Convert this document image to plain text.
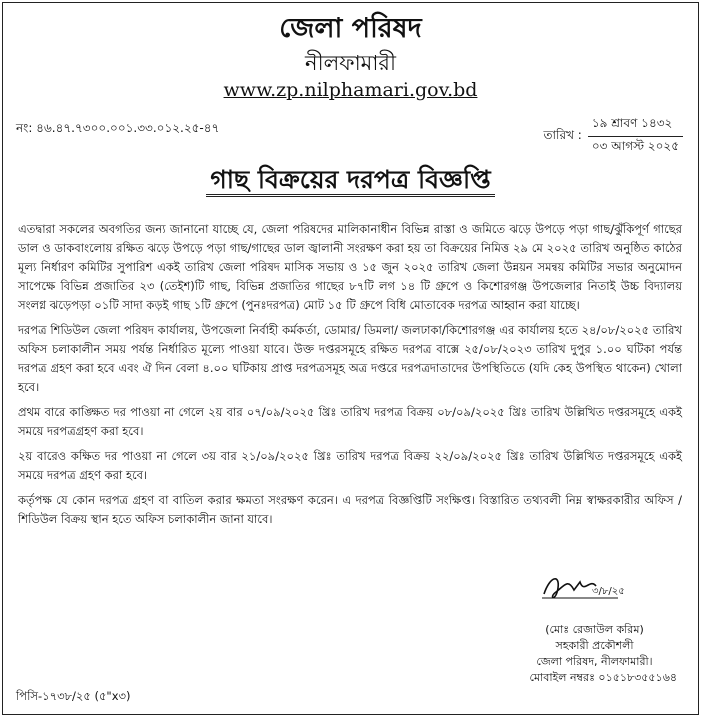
জেলা পরিষদ
নীলফামারী
www.zp.nilphamari.gov.bd
নং: ৪৬.৪৭.৭৩০০.০০১.৩৩.০১২.২৫-৪৭	তারিখ :
১৯ শ্রাবণ ১৪৩২
০৩ আগস্ট ২০২৫
গাছ বিক্রয়ের দরপত্র বিজ্ঞপ্তি

এতদ্বারা সকলের অবগতির জন্য জানানো যাচ্ছে যে, জেলা পরিষদের মালিকানাধীন বিভিন্ন রাস্তা ও জমিতে ঝড়ে উপড়ে পড়া গাছ/ঝুঁকিপূর্ণ গাছের ডাল ও ডাকবাংলোয় রক্ষিত ঝড়ে উপড়ে পড়া গাছ/গাছের ডাল জ্বালানী সংরক্ষণ করা হয় তা বিক্রয়ের নিমিত্ত ২৯ মে ২০২৫ তারিখ অনুষ্ঠিত কাঠের মূল্য নির্ধারণ কমিটির সুপারিশ একই তারিখ জেলা পরিষদ মাসিক সভায় ও ১৫ জুন ২০২৫ তারিখ জেলা উন্নয়ন সমন্বয় কমিটির সভার অনুমোদন সাপেক্ষে বিভিন্ন প্রজাতির ২৩ (তেইশ)টি গাছ, বিভিন্ন প্রজাতির গাছের ৮৭টি লগ ১৪ টি গ্রুপে ও কিশোরগঞ্জ উপজেলার নিতাই উচ্চ বিদ্যালয় সংলগ্ন ঝড়েপড়া ০১টি সাদা কড়ই গাছ ১টি গ্রুপে (পুনঃদরপত্র) মোট ১৫ টি গ্রুপে বিধি মোতাবেক দরপত্র আহ্বান করা যাচ্ছে।

দরপত্র শিডিউল জেলা পরিষদ কার্যালয়, উপজেলা নির্বাহী কর্মকর্তা, ডোমার/ ডিমলা/ জলঢাকা/কিশোরগঞ্জ এর কার্যালয় হতে ২৪/০৮/২০২৫ তারিখ অফিস চলাকালীন সময় পর্যন্ত নির্ধারিত মূল্যে পাওয়া যাবে। উক্ত দপ্তরসমূহে রক্ষিত দরপত্র বাক্সে ২৫/০৮/২০২৩ তারিখ দুপুর ১.০০ ঘটিকা পর্যন্ত দরপত্র গ্রহণ করা হবে এবং ঐ দিন বেলা ৪.০০ ঘটিকায় প্রাপ্ত দরপত্রসমূহ অত্র দপ্তরে দরপত্রদাতাদের উপস্থিতিতে (যদি কেহ উপস্থিত থাকেন) খোলা হবে।

প্রথম বারে কাঙ্ক্ষিত দর পাওয়া না গেলে ২য় বার ০৭/০৯/২০২৫ খ্রিঃ তারিখ দরপত্র বিক্রয় ০৮/০৯/২০২৫ খ্রিঃ তারিখ উল্লিখিত দপ্তরসমূহে একই সময়ে দরপত্রগ্রহণ করা হবে।

২য় বারেও কক্ষিত দর পাওয়া না গেলে ৩য় বার ২১/০৯/২০২৫ খ্রিঃ তারিখ দরপত্র বিক্রয় ২২/০৯/২০২৫ খ্রিঃ তারিখ উল্লিখিত দপ্তরসমূহে একই সময়ে দরপত্র গ্রহণ করা হবে।

কর্তৃপক্ষ যে কোন দরপত্র গ্রহণ বা বাতিল করার ক্ষমতা সংরক্ষণ করেন। এ দরপত্র বিজ্ঞপ্তিটি সংক্ষিপ্ত। বিস্তারিত তথ্যবলী নিম্ন স্বাক্ষরকারীর অফিস / শিডিউল বিক্রয় স্থান হতে অফিস চলাকালীন জানা যাবে।

৩/৮/২৫
(মোঃ রেজাউল করিম)
সহকারী প্রকৌশলী
জেলা পরিষদ, নীলফামারী।
মোবাইল নম্বরঃ ০১৫১৮৩৫৫১৬৪
পিসি-১৭৩৮/২৫ (৫"x৩)
